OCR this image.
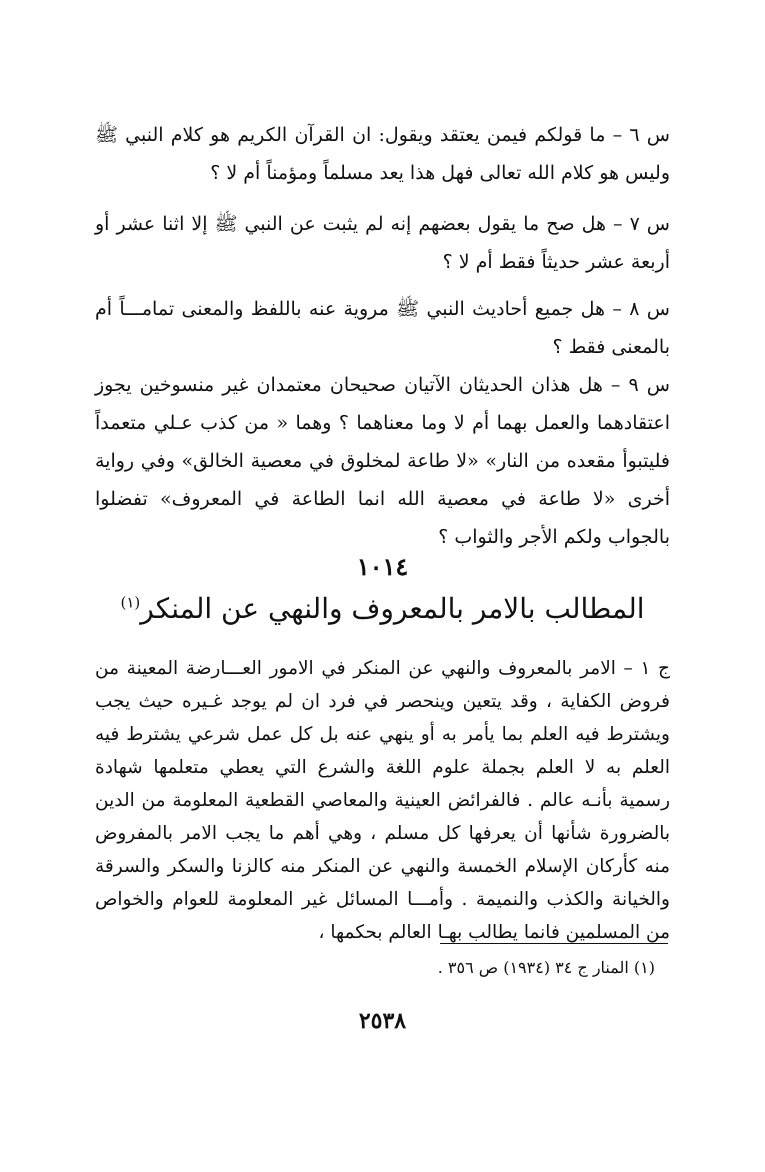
س ٦ – ما قولكم فيمن يعتقد ويقول: ان القرآن الكريم هو كلام النبي ﷺ وليس هو كلام الله تعالى فهل هذا يعد مسلماً ومؤمناً أم لا ؟

س ٧ – هل صح ما يقول بعضهم إنه لم يثبت عن النبي ﷺ إلا اثنا عشر أو أربعة عشر حديثاً فقط أم لا ؟

س ٨ – هل جميع أحاديث النبي ﷺ مروية عنه باللفظ والمعنى تمامـــاً أم بالمعنى فقط ؟

س ٩ – هل هذان الحديثان الآتيان صحيحان معتمدان غير منسوخين يجوز اعتقادهما والعمل بهما أم لا وما معناهما ؟ وهما « من كذب عـلي متعمداً فليتبوأ مقعده من النار» «لا طاعة لمخلوق في معصية الخالق» وفي رواية أخرى «لا طاعة في معصية الله انما الطاعة في المعروف» تفضلوا بالجواب ولكم الأجر والثواب ؟

١٠١٤
المطالب بالامر بالمعروف والنهي عن المنكر$^{(١)}$

ج ١ – الامر بالمعروف والنهي عن المنكر في الامور العـــارضة المعينة من فروض الكفاية ، وقد يتعين وينحصر في فرد ان لم يوجد غـيره حيث يجب ويشترط فيه العلم بما يأمر به أو ينهي عنه بل كل عمل شرعي يشترط فيه العلم به لا العلم بجملة علوم اللغة والشرع التي يعطي متعلمها شهادة رسمية بأنـه عالم . فالفرائض العينية والمعاصي القطعية المعلومة من الدين بالضرورة شأنها أن يعرفها كل مسلم ، وهي أهم ما يجب الامر بالمفروض منه كأركان الإسلام الخمسة والنهي عن المنكر منه كالزنا والسكر والسرقة والخيانة والكذب والنميمة . وأمـــا المسائل غير المعلومة للعوام والخواص من المسلمين فانما يطالب بهـا العالم بحكمها ،

(١) المنار ج ٣٤ (١٩٣٤) ص ٣٥٦ .
٢٥٣٨
